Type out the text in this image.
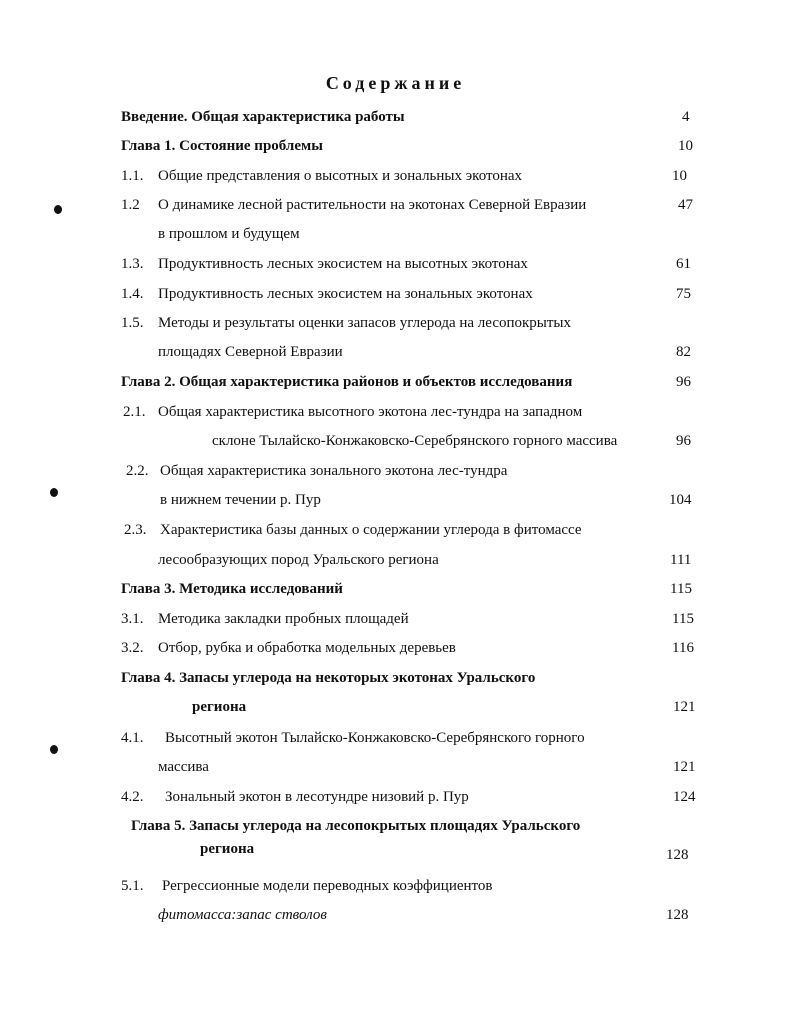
Содержание
Введение. Общая характеристика работы	4
Глава 1. Состояние проблемы	10
1.1. Общие представления о высотных и зональных экотонах	10
1.2 О динамике лесной растительности на экотонах Северной Евразии	47
в прошлом и будущем
1.3. Продуктивность лесных экосистем на высотных экотонах	61
1.4. Продуктивность лесных экосистем на зональных экотонах	75
1.5. Методы и результаты оценки запасов углерода на лесопокрытых
площадях Северной Евразии	82
Глава 2. Общая характеристика районов и объектов исследования	96
2.1. Общая характеристика высотного экотона лес-тундра на западном
склоне Тылайско-Конжаковско-Серебрянского горного массива	96
2.2. Общая характеристика зонального экотона лес-тундра
в нижнем течении р. Пур	104
2.3. Характеристика базы данных о содержании углерода в фитомассе
лесообразующих пород Уральского региона	111
Глава 3. Методика исследований	115
3.1. Методика закладки пробных площадей	115
3.2. Отбор, рубка и обработка модельных деревьев	116
Глава 4. Запасы углерода на некоторых экотонах Уральского
региона	121
4.1. Высотный экотон Тылайско-Конжаковско-Серебрянского горного
массива	121
4.2. Зональный экотон в лесотундре низовий р. Пур	124
Глава 5. Запасы углерода на лесопокрытых площадях Уральского
региона	128
5.1. Регрессионные модели переводных коэффициентов
фитомасса:запас стволов	128
